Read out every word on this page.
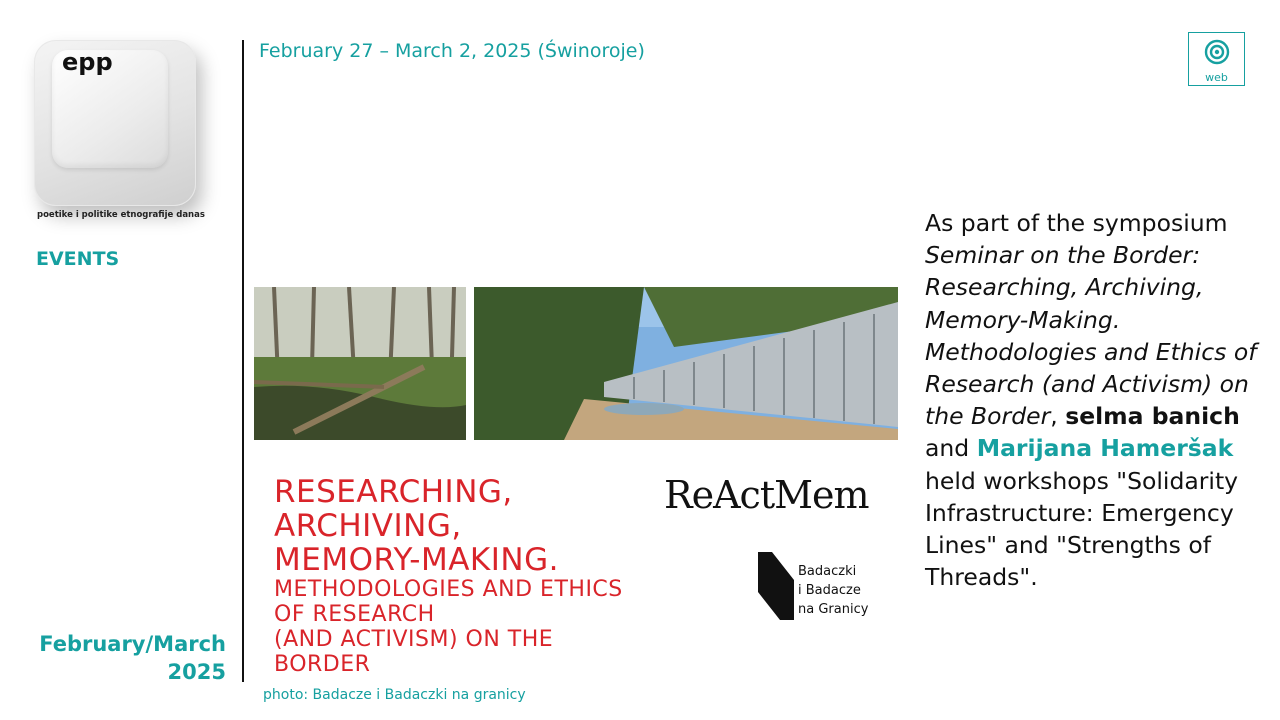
epp
poetike i politike etnografije danas
EVENTS
February/March 2025
February 27 – March 2, 2025 (Świnoroje)
web
RESEARCHING,
ARCHIVING,
MEMORY-MAKING.
METHODOLOGIES AND ETHICS
OF RESEARCH
(AND ACTIVISM) ON THE
BORDER
ReActMem
Badaczki
i Badacze
na Granicy
photo: Badacze i Badaczki na granicy
As part of the symposium Seminar on the Border: Researching, Archiving, Memory-Making. Methodologies and Ethics of Research (and Activism) on the Border, selma banich and Marijana Hameršak held workshops "Solidarity Infrastructure: Emergency Lines" and "Strengths of Threads".
